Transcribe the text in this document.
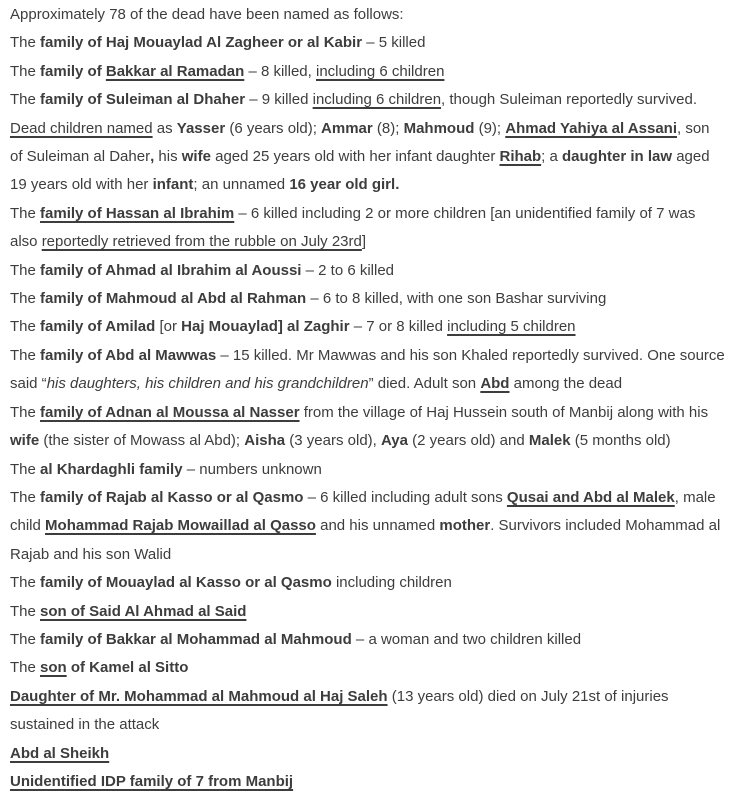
Approximately 78 of the dead have been named as follows:

The family of Haj Mouaylad Al Zagheer or al Kabir – 5 killed

The family of Bakkar al Ramadan – 8 killed, including 6 children

The family of Suleiman al Dhaher – 9 killed including 6 children, though Suleiman reportedly survived. Dead children named as Yasser (6 years old); Ammar (8); Mahmoud (9); Ahmad Yahiya al Assani, son of Suleiman al Daher, his wife aged 25 years old with her infant daughter Rihab; a daughter in law aged 19 years old with her infant; an unnamed 16 year old girl.

The family of Hassan al Ibrahim – 6 killed including 2 or more children [an unidentified family of 7 was also reportedly retrieved from the rubble on July 23rd]

The family of Ahmad al Ibrahim al Aoussi – 2 to 6 killed

The family of Mahmoud al Abd al Rahman – 6 to 8 killed, with one son Bashar surviving

The family of Amilad [or Haj Mouaylad] al Zaghir – 7 or 8 killed including 5 children

The family of Abd al Mawwas – 15 killed. Mr Mawwas and his son Khaled reportedly survived. One source said “his daughters, his children and his grandchildren” died. Adult son Abd among the dead

The family of Adnan al Moussa al Nasser from the village of Haj Hussein south of Manbij along with his wife (the sister of Mowass al Abd); Aisha (3 years old), Aya (2 years old) and Malek (5 months old)

The al Khardaghli family – numbers unknown

The family of Rajab al Kasso or al Qasmo – 6 killed including adult sons Qusai and Abd al Malek, male child Mohammad Rajab Mowaillad al Qasso and his unnamed mother. Survivors included Mohammad al Rajab and his son Walid

The family of Mouaylad al Kasso or al Qasmo including children

The son of Said Al Ahmad al Said

The family of Bakkar al Mohammad al Mahmoud – a woman and two children killed

The son of Kamel al Sitto

Daughter of Mr. Mohammad al Mahmoud al Haj Saleh (13 years old) died on July 21st of injuries sustained in the attack

Abd al Sheikh

Unidentified IDP family of 7 from Manbij
